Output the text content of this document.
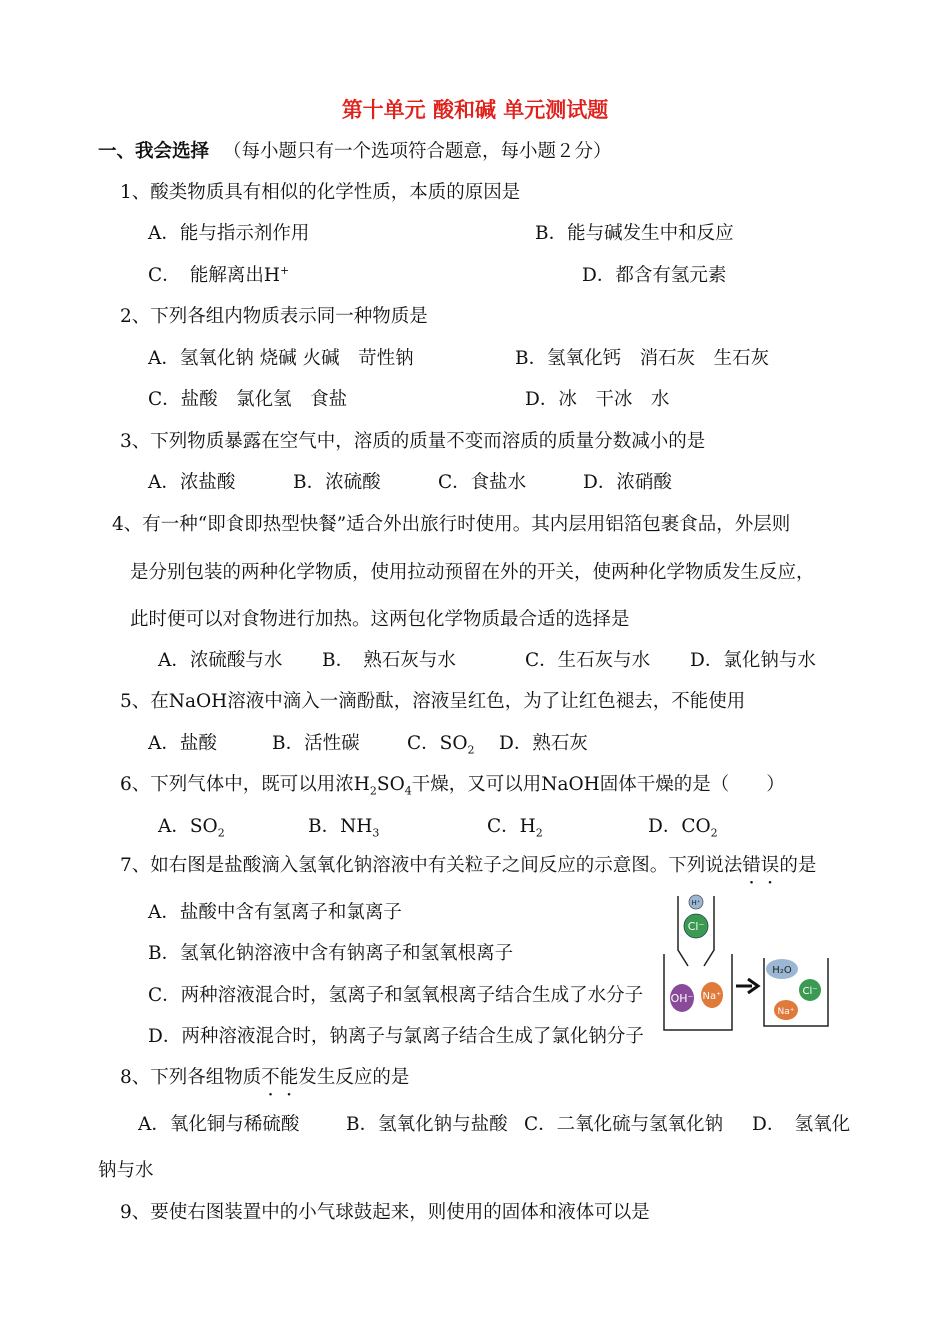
第十单元 酸和碱 单元测试题
一、我会选择 （每小题只有一个选项符合题意，每小题２分）
1、酸类物质具有相似的化学性质，本质的原因是
A．能与指示剂作用	B．能与碱发生中和反应
C．　能解离出H+	D．都含有氢元素
2、下列各组内物质表示同一种物质是
A．氢氧化钠 烧碱 火碱　苛性钠	B．氢氧化钙　消石灰　生石灰
C．盐酸　氯化氢　食盐	D．冰　干冰　水
3、下列物质暴露在空气中，溶质的质量不变而溶质的质量分数减小的是
A．浓盐酸	B．浓硫酸	C．食盐水	D．浓硝酸
4、有一种“即食即热型快餐”适合外出旅行时使用。其内层用铝箔包裹食品，外层则
是分别包装的两种化学物质，使用拉动预留在外的开关，使两种化学物质发生反应，
此时便可以对食物进行加热。这两包化学物质最合适的选择是
A．浓硫酸与水 B．　熟石灰与水	C．生石灰与水 D．氯化钠与水
5、在NaOH溶液中滴入一滴酚酞，溶液呈红色，为了让红色褪去，不能使用
A．盐酸	B．活性碳	C．$SO_2$ D．熟石灰
6、下列气体中，既可以用浓$H_2SO_4$干燥，又可以用NaOH固体干燥的是（　　）
A．$SO_2$	B．$NH_3$	C．$H_2$	D．$CO_2$
7、如右图是盐酸滴入氢氧化钠溶液中有关粒子之间反应的示意图。下列说法错误的是
A．盐酸中含有氢离子和氯离子
B．氢氧化钠溶液中含有钠离子和氢氧根离子
C．两种溶液混合时，氢离子和氢氧根离子结合生成了水分子
D．两种溶液混合时，钠离子与氯离子结合生成了氯化钠分子
H⁺
Cl⁻
OH⁻ Na⁺
H₂O
Cl⁻
Na⁺
8、下列各组物质不能发生反应的是
A．氧化铜与稀硫酸	B．氢氧化钠与盐酸 C．二氧化硫与氢氧化钠 D．　氢氧化
钠与水
9、要使右图装置中的小气球鼓起来，则使用的固体和液体可以是
